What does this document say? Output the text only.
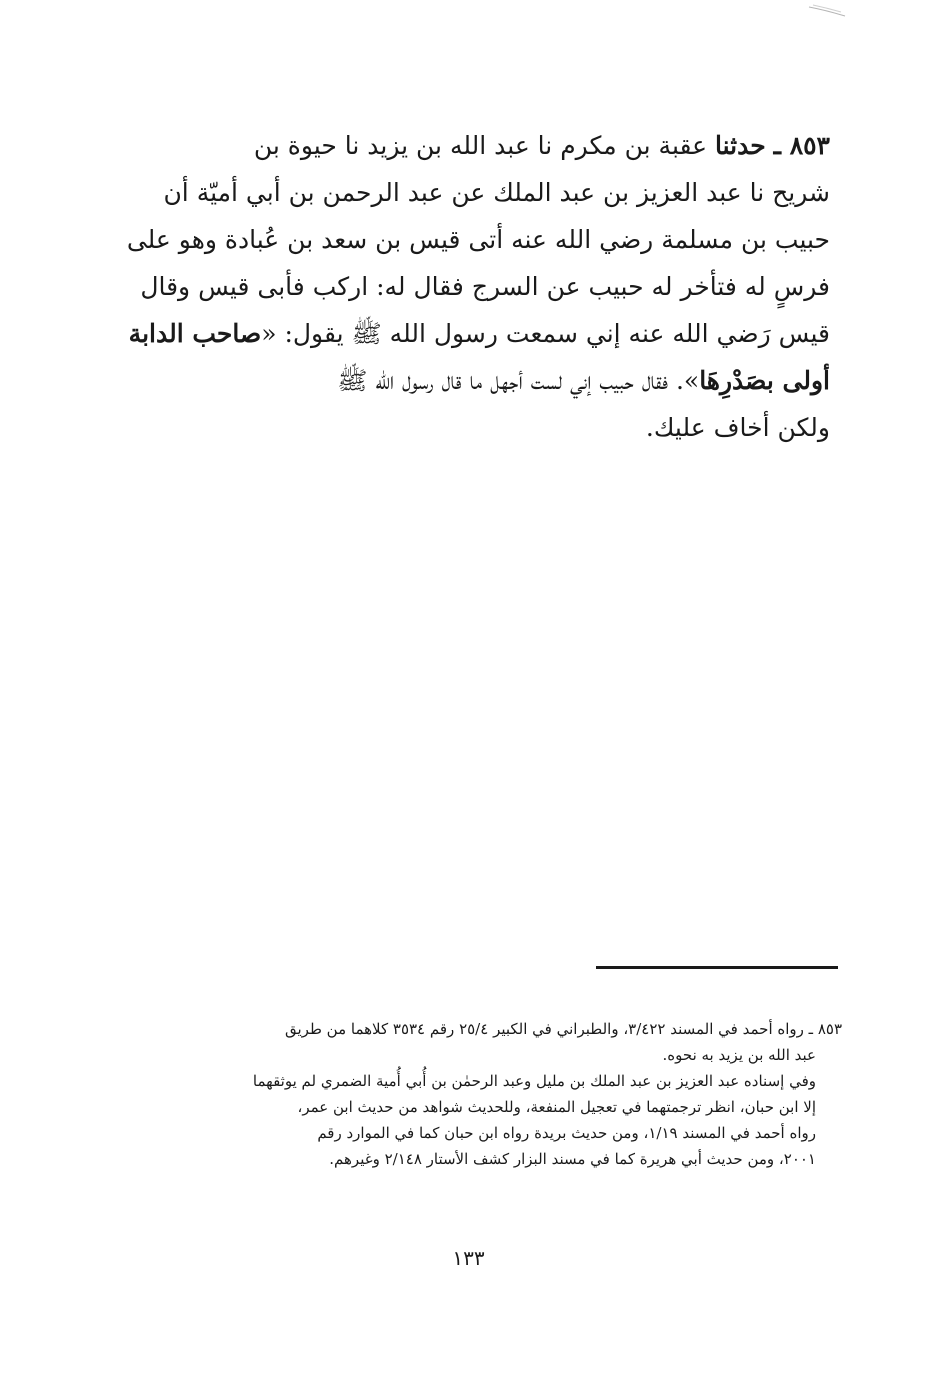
٨٥٣ ـ حدثنا عقبة بن مكرم نا عبد الله بن يزيد نا حيوة بن
شريح نا عبد العزيز بن عبد الملك عن عبد الرحمن بن أبي أميّة أن
حبيب بن مسلمة رضي الله عنه أتى قيس بن سعد بن عُبادة وهو على
فرسٍ له فتأخر له حبيب عن السرج فقال له: اركب فأبى قيس وقال
قيس رَضي الله عنه إني سمعت رسول الله ﷺ يقول: «صاحب الدابة
أولى بصَدْرِهَا». فقال حبيب إني لست أجهل ما قال رسول الله ﷺ
ولكن أخاف عليك.
٨٥٣ ـ رواه أحمد في المسند ٣/٤٢٢، والطبراني في الكبير ٢٥/٤ رقم ٣٥٣٤ كلاهما من طريق
عبد الله بن يزيد به نحوه.
وفي إسناده عبد العزيز بن عبد الملك بن مليل وعبد الرحمٰن بن أُبي أُمية الضمري لم يوثقهما
إلا ابن حبان، انظر ترجمتهما في تعجيل المنفعة، وللحديث شواهد من حديث ابن عمر،
رواه أحمد في المسند ١/١٩، ومن حديث بريدة رواه ابن حبان كما في الموارد رقم
٢٠٠١، ومن حديث أبي هريرة كما في مسند البزار كشف الأستار ٢/١٤٨ وغيرهم.
١٣٣
